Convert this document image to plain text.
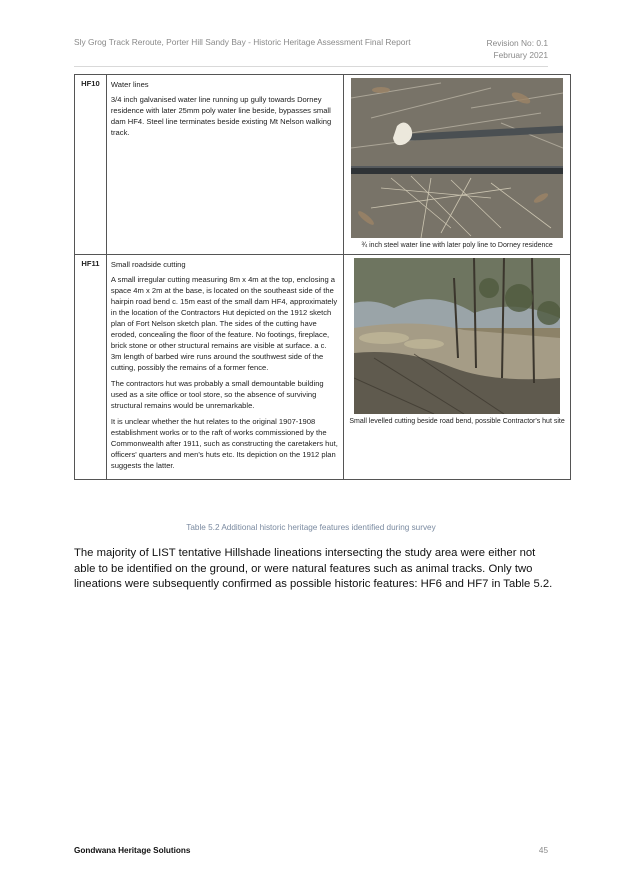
Sly Grog Track Reroute, Porter Hill Sandy Bay - Historic Heritage Assessment Final Report	Revision No: 0.1
February 2021
HF10	Water lines
3/4 inch galvanised water line running up gully towards Dorney residence with later 25mm poly water line beside, bypasses small dam HF4. Steel line terminates beside existing Mt Nelson walking track.	¾ inch steel water line with later poly line to Dorney residence

HF11	Small roadside cutting
A small irregular cutting measuring 8m x 4m at the top, enclosing a space 4m x 2m at the base, is located on the southeast side of the hairpin road bend c. 15m east of the small dam HF4, approximately in the location of the Contractors Hut depicted on the 1912 sketch plan of Fort Nelson sketch plan. The sides of the cutting have eroded, concealing the floor of the feature. No footings, fireplace, brick stone or other structural remains are visible at surface. a c. 3m length of barbed wire runs around the southwest side of the cutting, possibly the remains of a former fence.
The contractors hut was probably a small demountable building used as a site office or tool store, so the absence of surviving structural remains would be unremarkable.
It is unclear whether the hut relates to the original 1907-1908 establishment works or to the raft of works commissioned by the Commonwealth after 1911, such as constructing the caretakers hut, officers' quarters and men's huts etc. Its depiction on the 1912 plan suggests the latter.	Small levelled cutting beside road bend, possible Contractor's hut site
Table 5.2 Additional historic heritage features identified during survey
The majority of LIST tentative Hillshade lineations intersecting the study area were either not able to be identified on the ground, or were natural features such as animal tracks. Only two lineations were subsequently confirmed as possible historic features: HF6 and HF7 in Table 5.2.
Gondwana Heritage Solutions	45
